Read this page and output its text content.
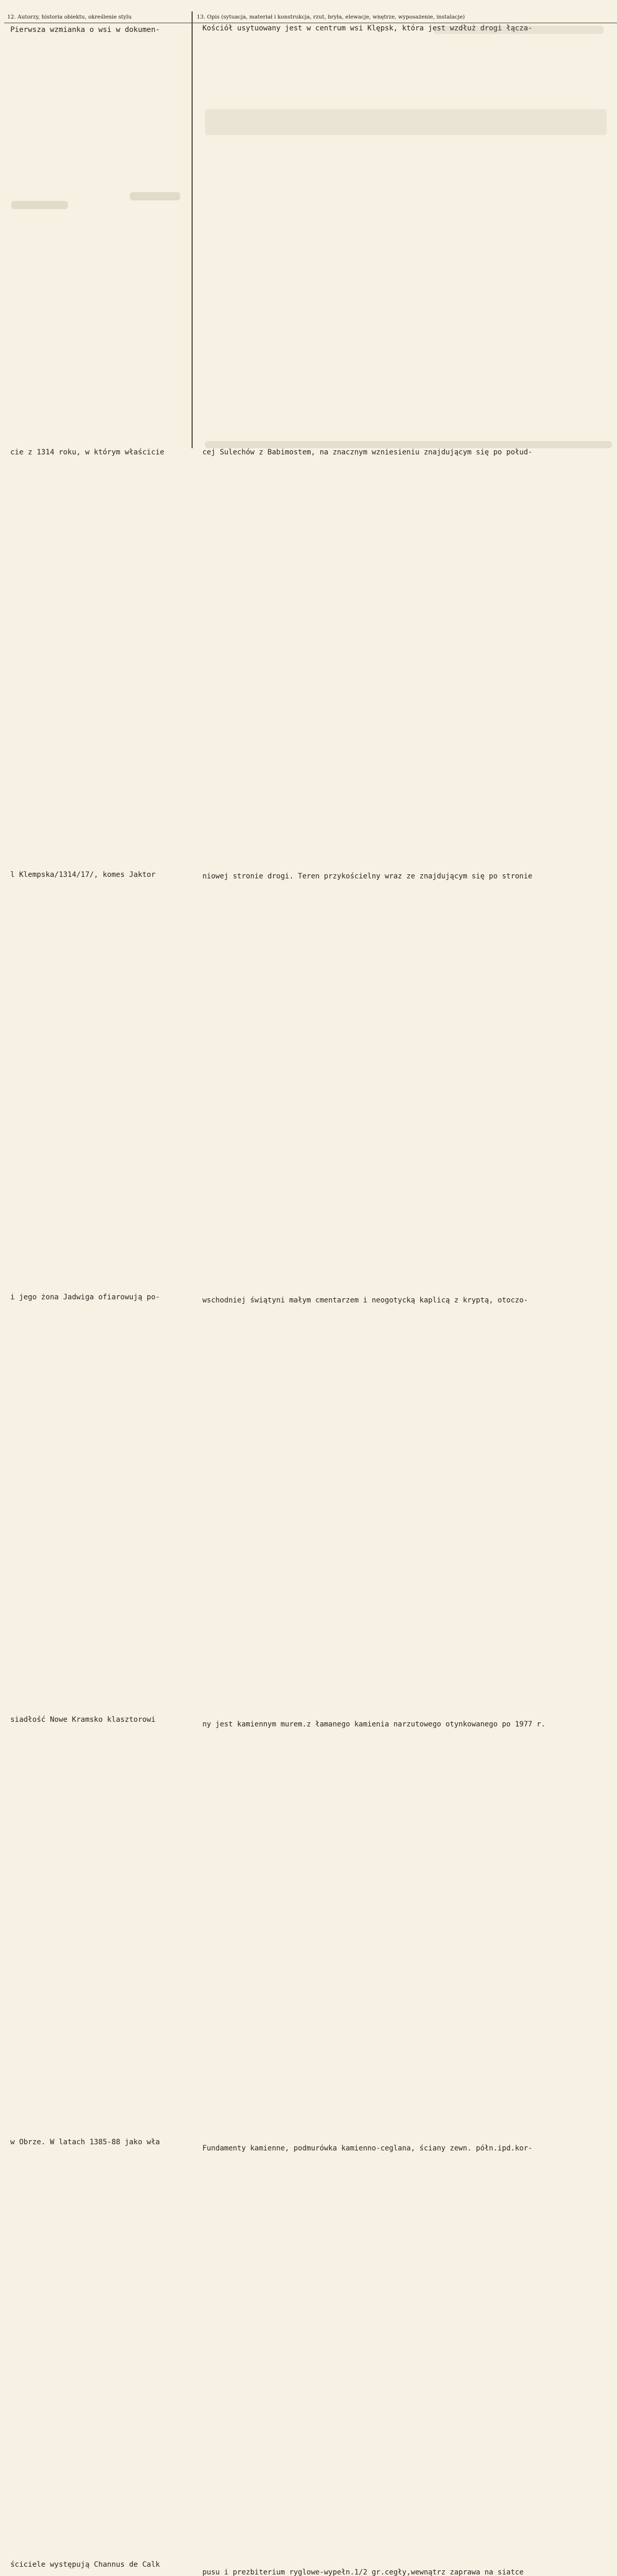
12. Autorzy, historia obiektu, określenie stylu	13. Opis (sytuacja, materiał i konstrukcja, rzut, bryła, elewacje, wnętrze, wyposażenie, instalacje)
Pierwsza wzmianka o wsi w dokumen-
cie z 1314 roku, w którym właścicie
l Klempska/1314/17/, komes Jaktor
i jego żona Jadwiga ofiarowują po-
siadłość Nowe Kramsko klasztorowi
w Obrze. W latach 1385-88 jako wła
ściciele występują Channus de Calk
Kościół usytuowany jest w centrum wsi Klępsk, która jest wzdłuż drogi łącza-
cej Sulechów z Babimostem, na znacznym wzniesieniu znajdującym się po połud-
niowej stronie drogi. Teren przykościelny wraz ze znajdującym się po stronie
wschodniej świątyni małym cmentarzem i neogotycką kaplicą z kryptą, otoczo-
ny jest kamiennym murem.z łamanego kamienia narzutowego otynkowanego po 1977 r.
Fundamenty kamienne, podmurówka kamienno-ceglana, ściany zewn. półn.ipd.kor-
pusu i prezbiterium ryglowe-wypełn.1/2 gr.cegły,wewnątrz zaprawa na siatce
